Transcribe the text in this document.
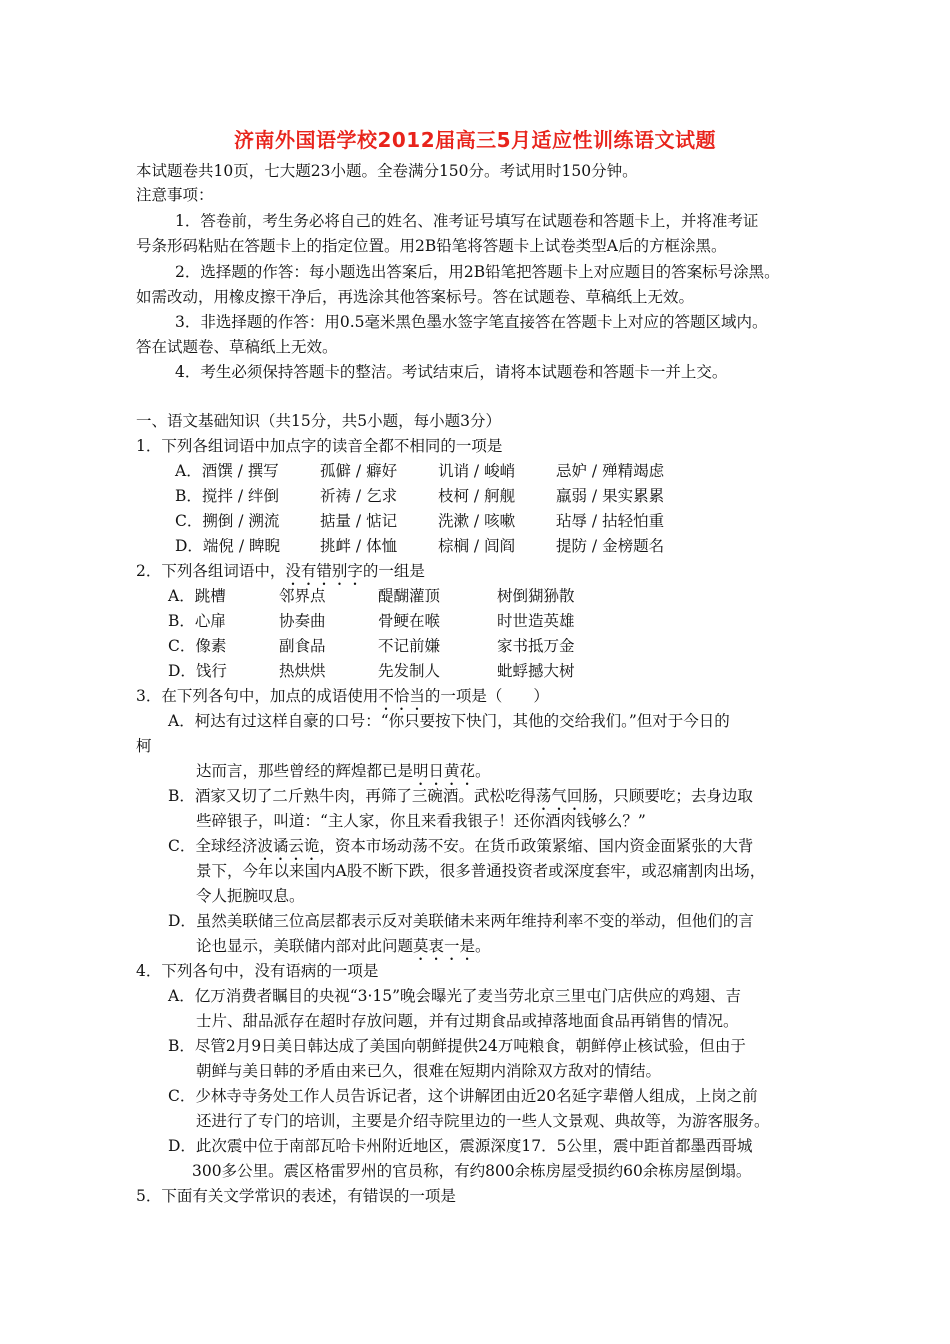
济南外国语学校2012届高三5月适应性训练语文试题
本试题卷共10页，七大题23小题。全卷满分150分。考试用时150分钟。
注意事项：
1．答卷前，考生务必将自己的姓名、准考证号填写在试题卷和答题卡上，并将准考证
号条形码粘贴在答题卡上的指定位置。用2B铅笔将答题卡上试卷类型A后的方框涂黑。
2．选择题的作答：每小题选出答案后，用2B铅笔把答题卡上对应题目的答案标号涂黑。
如需改动，用橡皮擦干净后，再选涂其他答案标号。答在试题卷、草稿纸上无效。
3．非选择题的作答：用0.5毫米黑色墨水签字笔直接答在答题卡上对应的答题区域内。
答在试题卷、草稿纸上无效。
4．考生必须保持答题卡的整洁。考试结束后，请将本试题卷和答题卡一并上交。
一、语文基础知识（共15分，共5小题，每小题3分）
1．下列各组词语中加点字的读音全都不相同的一项是
A．酒馔 / 撰写	孤僻 / 癖好	讥诮 / 峻峭	忌妒 / 殚精竭虑
B．搅拌 / 绊倒	祈祷 / 乞求	枝柯 / 舸舰	羸弱 / 果实累累
C．搠倒 / 溯流	掂量 / 惦记	洗漱 / 咳嗽	玷辱 / 拈轻怕重
D．端倪 / 睥睨	挑衅 / 体恤	棕榈 / 闾阎	提防 / 金榜题名
2．下列各组词语中，没有错别字的一组是
A．跳槽	邻界点	醍醐灌顶	树倒猢狲散
B．心扉	协奏曲	骨鲠在喉	时世造英雄
C．像素	副食品	不记前嫌	家书抵万金
D．饯行	热烘烘	先发制人	蚍蜉撼大树
3．在下列各句中，加点的成语使用不恰当的一项是（　　）
A．柯达有过这样自豪的口号：“你只要按下快门，其他的交给我们。”但对于今日的
柯
达而言，那些曾经的辉煌都已是明日黄花。
B．酒家又切了二斤熟牛肉，再筛了三碗酒。武松吃得荡气回肠，只顾要吃；去身边取
些碎银子，叫道：“主人家，你且来看我银子！还你酒肉钱够么？”
C．全球经济波谲云诡，资本市场动荡不安。在货币政策紧缩、国内资金面紧张的大背
景下，今年以来国内A股不断下跌，很多普通投资者或深度套牢，或忍痛割肉出场，
令人扼腕叹息。
D．虽然美联储三位高层都表示反对美联储未来两年维持利率不变的举动，但他们的言
论也显示，美联储内部对此问题莫衷一是。
4．下列各句中，没有语病的一项是
A．亿万消费者瞩目的央视“3·15”晚会曝光了麦当劳北京三里屯门店供应的鸡翅、吉
士片、甜品派存在超时存放问题，并有过期食品或掉落地面食品再销售的情况。
B．尽管2月9日美日韩达成了美国向朝鲜提供24万吨粮食，朝鲜停止核试验，但由于
朝鲜与美日韩的矛盾由来已久，很难在短期内消除双方敌对的情结。
C．少林寺寺务处工作人员告诉记者，这个讲解团由近20名延字辈僧人组成，上岗之前
还进行了专门的培训，主要是介绍寺院里边的一些人文景观、典故等，为游客服务。
D．此次震中位于南部瓦哈卡州附近地区，震源深度17．5公里，震中距首都墨西哥城
300多公里。震区格雷罗州的官员称，有约800余栋房屋受损约60余栋房屋倒塌。
5．下面有关文学常识的表述，有错误的一项是
